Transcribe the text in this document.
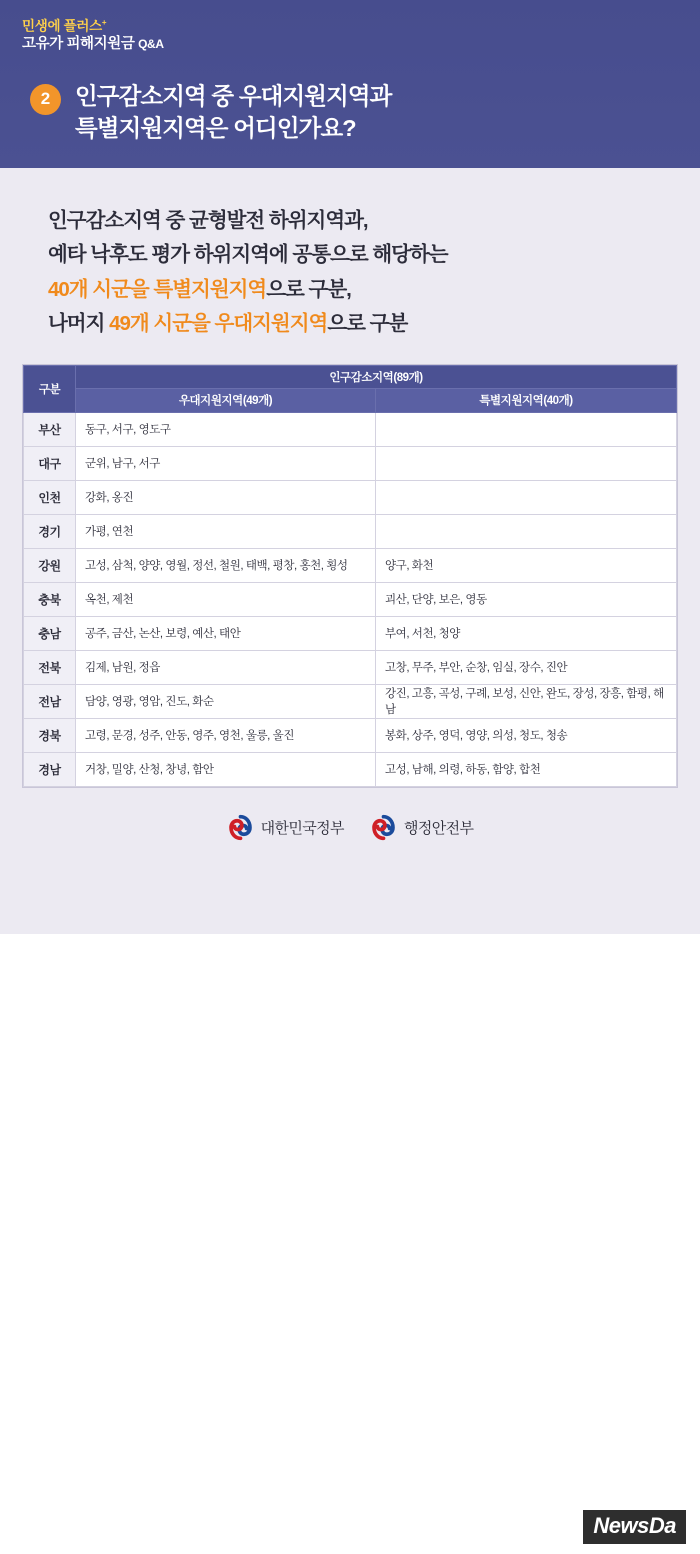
민생에 플러스+
고유가 피해지원금 Q&A
2	인구감소지역 중 우대지원지역과
특별지원지역은 어디인가요?
인구감소지역 중 균형발전 하위지역과,
예타 낙후도 평가 하위지역에 공통으로 해당하는
40개 시군을 특별지원지역으로 구분,
나머지 49개 시군을 우대지원지역으로 구분
구분	인구감소지역(89개)	
	우대지원지역(49개)	특별지원지역(40개)
부산	동구, 서구, 영도구	
대구	군위, 남구, 서구	
인천	강화, 옹진	
경기	가평, 연천	
강원	고성, 삼척, 양양, 영월, 정선, 철원, 태백, 평창, 홍천, 횡성	양구, 화천
충북	옥천, 제천	괴산, 단양, 보은, 영동
충남	공주, 금산, 논산, 보령, 예산, 태안	부여, 서천, 청양
전북	김제, 남원, 정읍	고창, 무주, 부안, 순창, 임실, 장수, 진안
전남	담양, 영광, 영암, 진도, 화순	강진, 고흥, 곡성, 구례, 보성, 신안, 완도, 장성, 장흥, 함평, 해남
경북	고령, 문경, 성주, 안동, 영주, 영천, 울릉, 울진	봉화, 상주, 영덕, 영양, 의성, 청도, 청송
경남	거창, 밀양, 산청, 창녕, 함안	고성, 남해, 의령, 하동, 함양, 합천
대한민국정부	행정안전부
NewsDa
